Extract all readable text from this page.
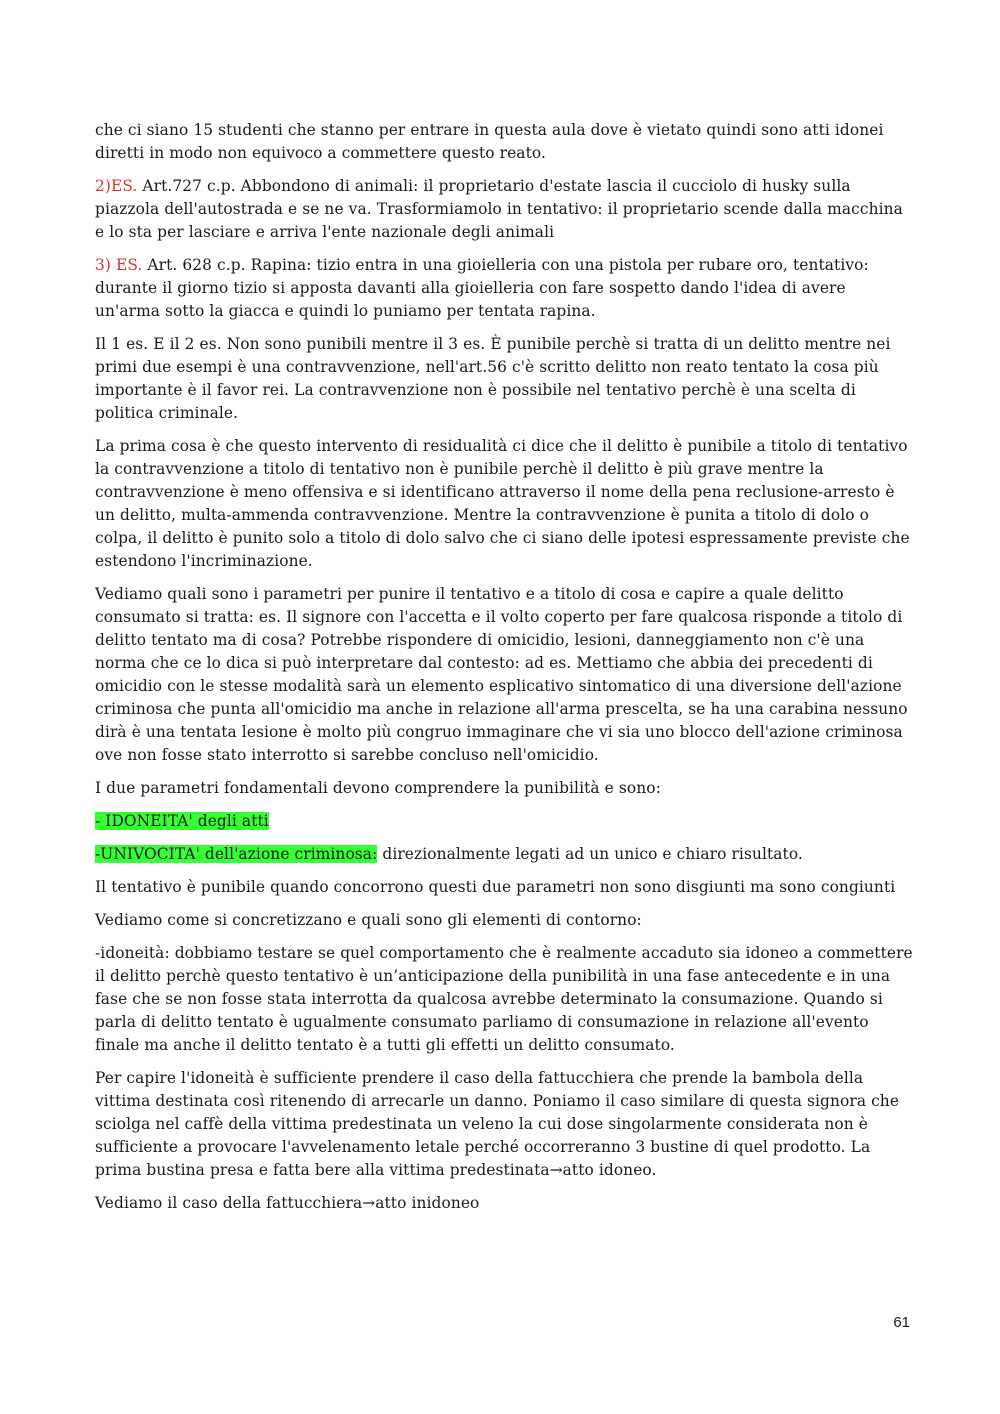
che ci siano 15 studenti che stanno per entrare in questa aula dove è vietato quindi sono atti idonei diretti in modo non equivoco a commettere questo reato.

2)ES. Art.727 c.p. Abbondono di animali: il proprietario d'estate lascia il cucciolo di husky sulla piazzola dell'autostrada e se ne va. Trasformiamolo in tentativo: il proprietario scende dalla macchina e lo sta per lasciare e arriva l'ente nazionale degli animali

3) ES. Art. 628 c.p. Rapina: tizio entra in una gioielleria con una pistola per rubare oro, tentativo: durante il giorno tizio si apposta davanti alla gioielleria con fare sospetto dando l'idea di avere un'arma sotto la giacca e quindi lo puniamo per tentata rapina.

Il 1 es. E il 2 es. Non sono punibili mentre il 3 es. È punibile perchè si tratta di un delitto mentre nei primi due esempi è una contravvenzione, nell'art.56 c'è scritto delitto non reato tentato la cosa più importante è il favor rei. La contravvenzione non è possibile nel tentativo perchè è una scelta di politica criminale.

La prima cosa è che questo intervento di residualità ci dice che il delitto è punibile a titolo di tentativo la contravvenzione a titolo di tentativo non è punibile perchè il delitto è più grave mentre la contravvenzione è meno offensiva e si identificano attraverso il nome della pena reclusione-arresto è un delitto, multa-ammenda contravvenzione. Mentre la contravvenzione è punita a titolo di dolo o colpa, il delitto è punito solo a titolo di dolo salvo che ci siano delle ipotesi espressamente previste che estendono l'incriminazione.

Vediamo quali sono i parametri per punire il tentativo e a titolo di cosa e capire a quale delitto consumato si tratta: es. Il signore con l'accetta e il volto coperto per fare qualcosa risponde a titolo di delitto tentato ma di cosa? Potrebbe rispondere di omicidio, lesioni, danneggiamento non c'è una norma che ce lo dica si può interpretare dal contesto: ad es. Mettiamo che abbia dei precedenti di omicidio con le stesse modalità sarà un elemento esplicativo sintomatico di una diversione dell'azione criminosa che punta all'omicidio ma anche in relazione all'arma prescelta, se ha una carabina nessuno dirà è una tentata lesione è molto più congruo immaginare che vi sia uno blocco dell'azione criminosa ove non fosse stato interrotto si sarebbe concluso nell'omicidio.

I due parametri fondamentali devono comprendere la punibilità e sono:

- IDONEITA' degli atti

-UNIVOCITA' dell'azione criminosa: direzionalmente legati ad un unico e chiaro risultato.

Il tentativo è punibile quando concorrono questi due parametri non sono disgiunti ma sono congiunti

Vediamo come si concretizzano e quali sono gli elementi di contorno:

-idoneità: dobbiamo testare se quel comportamento che è realmente accaduto sia idoneo a commettere il delitto perchè questo tentativo è un’anticipazione della punibilità in una fase antecedente e in una fase che se non fosse stata interrotta da qualcosa avrebbe determinato la consumazione. Quando si parla di delitto tentato è ugualmente consumato parliamo di consumazione in relazione all'evento finale ma anche il delitto tentato è a tutti gli effetti un delitto consumato.

Per capire l'idoneità è sufficiente prendere il caso della fattucchiera che prende la bambola della vittima destinata così ritenendo di arrecarle un danno. Poniamo il caso similare di questa signora che sciolga nel caffè della vittima predestinata un veleno la cui dose singolarmente considerata non è sufficiente a provocare l'avvelenamento letale perché occorreranno 3 bustine di quel prodotto. La prima bustina presa e fatta bere alla vittima predestinata→atto idoneo.

Vediamo il caso della fattucchiera→atto inidoneo

61
